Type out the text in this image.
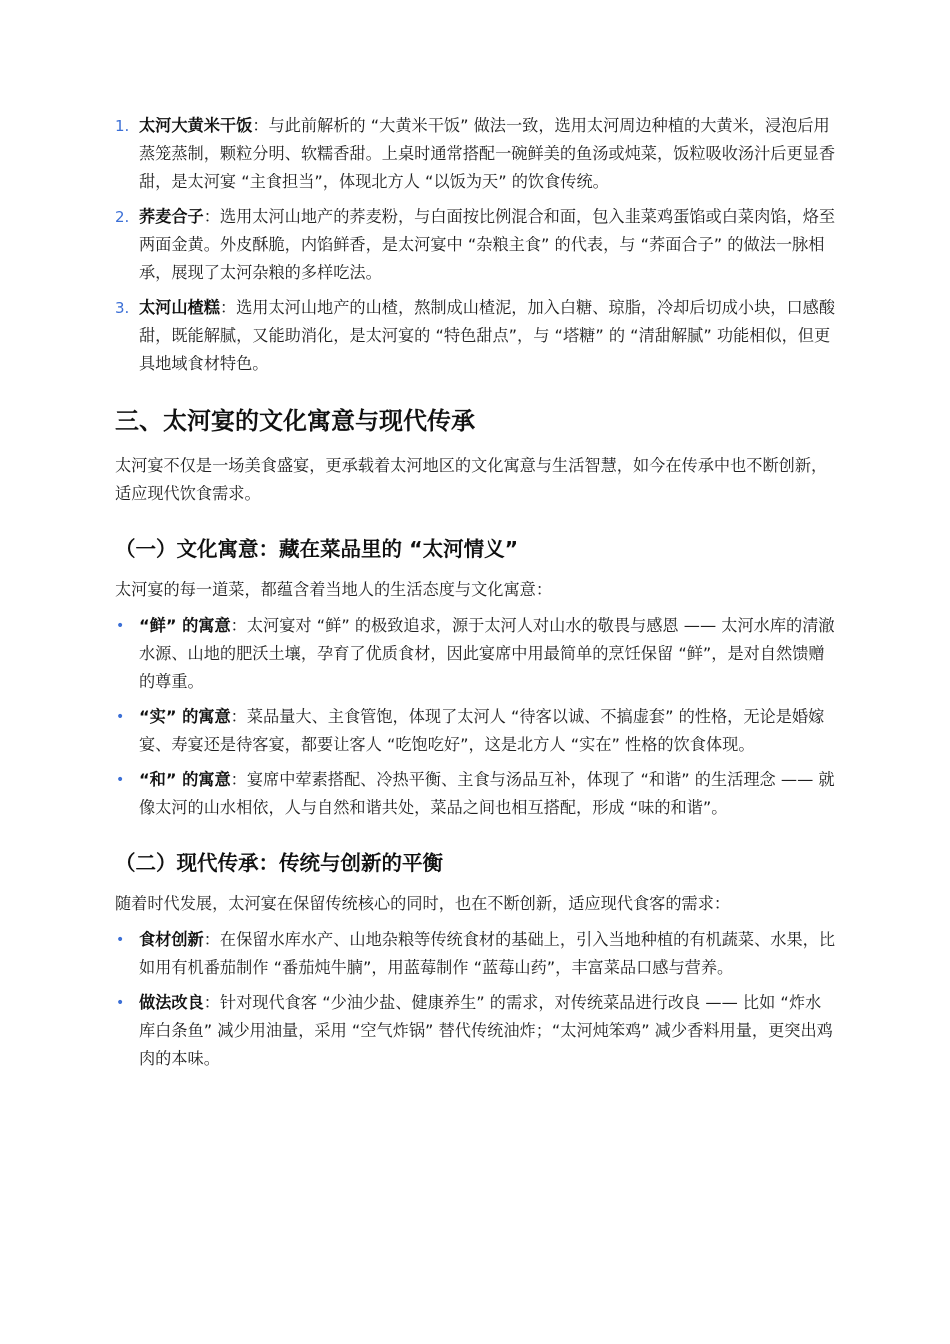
1. 太河大黄米干饭：与此前解析的 “大黄米干饭” 做法一致，选用太河周边种植的大黄米，浸泡后用蒸笼蒸制，颗粒分明、软糯香甜。上桌时通常搭配一碗鲜美的鱼汤或炖菜，饭粒吸收汤汁后更显香甜，是太河宴 “主食担当”，体现北方人 “以饭为天” 的饮食传统。
2. 荞麦合子：选用太河山地产的荞麦粉，与白面按比例混合和面，包入韭菜鸡蛋馅或白菜肉馅，烙至两面金黄。外皮酥脆，内馅鲜香，是太河宴中 “杂粮主食” 的代表，与 “荞面合子” 的做法一脉相承，展现了太河杂粮的多样吃法。
3. 太河山楂糕：选用太河山地产的山楂，熬制成山楂泥，加入白糖、琼脂，冷却后切成小块，口感酸甜，既能解腻，又能助消化，是太河宴的 “特色甜点”，与 “塔糖” 的 “清甜解腻” 功能相似，但更具地域食材特色。
三、太河宴的文化寓意与现代传承

太河宴不仅是一场美食盛宴，更承载着太河地区的文化寓意与生活智慧，如今在传承中也不断创新，适应现代饮食需求。

（一）文化寓意：藏在菜品里的 “太河情义”

太河宴的每一道菜，都蕴含着当地人的生活态度与文化寓意：

• “鲜” 的寓意：太河宴对 “鲜” 的极致追求，源于太河人对山水的敬畏与感恩 —— 太河水库的清澈水源、山地的肥沃土壤，孕育了优质食材，因此宴席中用最简单的烹饪保留 “鲜”，是对自然馈赠的尊重。
• “实” 的寓意：菜品量大、主食管饱，体现了太河人 “待客以诚、不搞虚套” 的性格，无论是婚嫁宴、寿宴还是待客宴，都要让客人 “吃饱吃好”，这是北方人 “实在” 性格的饮食体现。
• “和” 的寓意：宴席中荤素搭配、冷热平衡、主食与汤品互补，体现了 “和谐” 的生活理念 —— 就像太河的山水相依，人与自然和谐共处，菜品之间也相互搭配，形成 “味的和谐”。
（二）现代传承：传统与创新的平衡

随着时代发展，太河宴在保留传统核心的同时，也在不断创新，适应现代食客的需求：

• 食材创新：在保留水库水产、山地杂粮等传统食材的基础上，引入当地种植的有机蔬菜、水果，比如用有机番茄制作 “番茄炖牛腩”，用蓝莓制作 “蓝莓山药”，丰富菜品口感与营养。
• 做法改良：针对现代食客 “少油少盐、健康养生” 的需求，对传统菜品进行改良 —— 比如 “炸水库白条鱼” 减少用油量，采用 “空气炸锅” 替代传统油炸；“太河炖笨鸡” 减少香料用量，更突出鸡肉的本味。
